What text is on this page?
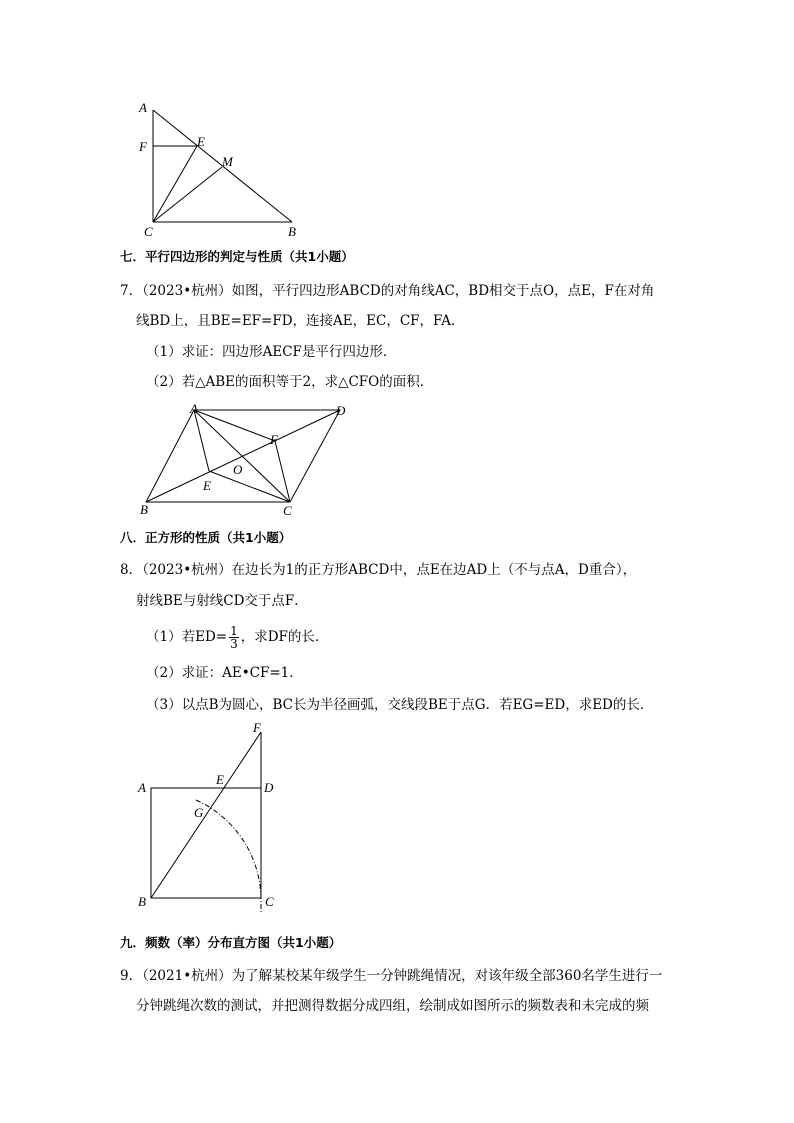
A
F	E
M
C	B
七．平行四边形的判定与性质（共1小题）
7．（2023•杭州）如图，平行四边形ABCD的对角线AC，BD相交于点O，点E，F在对角
线BD上，且BE=EF=FD，连接AE，EC，CF，FA．
（1）求证：四边形AECF是平行四边形．
（2）若△ABE的面积等于2，求△CFO的面积．
A	D
F
O
E
B	C
八．正方形的性质（共1小题）
8．（2023•杭州）在边长为1的正方形ABCD中，点E在边AD上（不与点A，D重合），
射线BE与射线CD交于点F．
（1）若$ED= \frac{1}{3}$ ，求DF的长．
（2）求证：AE•CF=1．
（3）以点B为圆心，BC长为半径画弧，交线段BE于点G．若EG=ED，求ED的长．
F
A
E
D
G
B	C
九．频数（率）分布直方图（共1小题）
9．（2021•杭州）为了解某校某年级学生一分钟跳绳情况，对该年级全部360名学生进行一
分钟跳绳次数的测试，并把测得数据分成四组，绘制成如图所示的频数表和未完成的频
